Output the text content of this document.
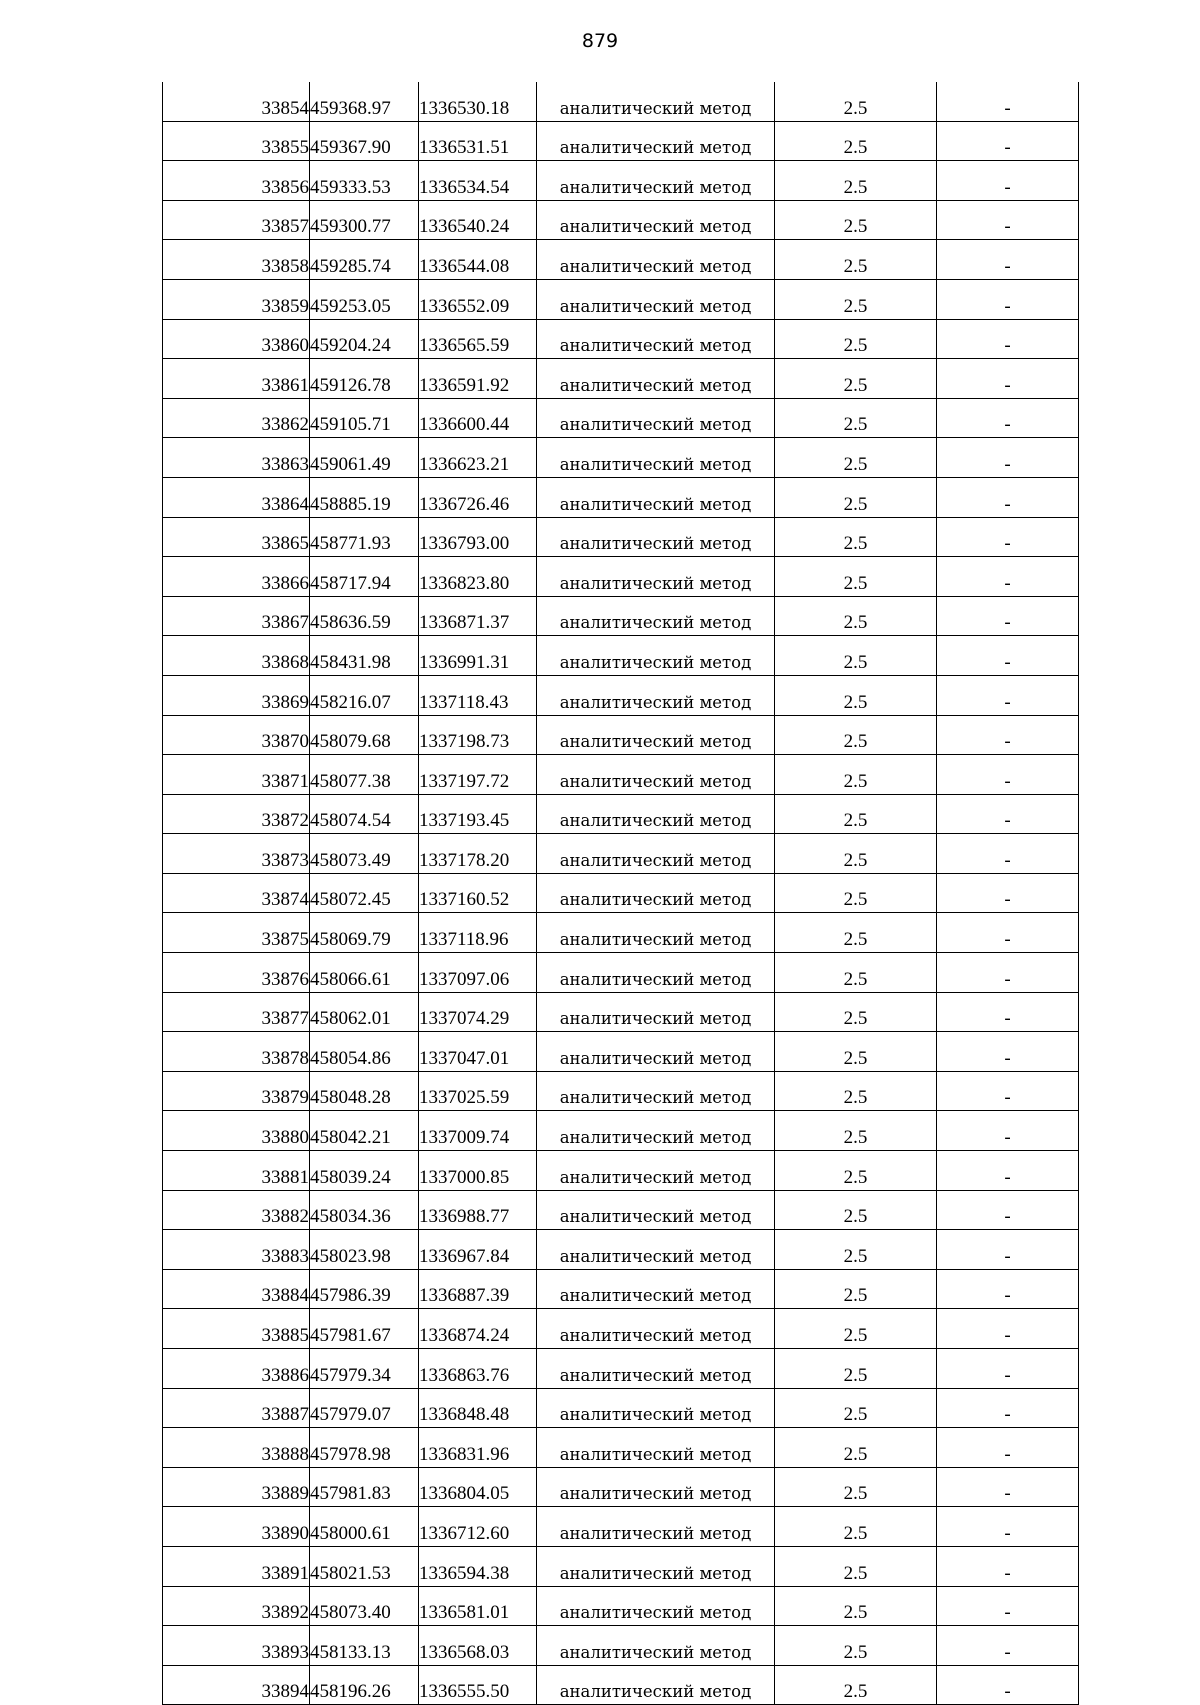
879
33854	459368.97	1336530.18	аналитический метод	2.5	-
33855	459367.90	1336531.51	аналитический метод	2.5	-
33856	459333.53	1336534.54	аналитический метод	2.5	-
33857	459300.77	1336540.24	аналитический метод	2.5	-
33858	459285.74	1336544.08	аналитический метод	2.5	-
33859	459253.05	1336552.09	аналитический метод	2.5	-
33860	459204.24	1336565.59	аналитический метод	2.5	-
33861	459126.78	1336591.92	аналитический метод	2.5	-
33862	459105.71	1336600.44	аналитический метод	2.5	-
33863	459061.49	1336623.21	аналитический метод	2.5	-
33864	458885.19	1336726.46	аналитический метод	2.5	-
33865	458771.93	1336793.00	аналитический метод	2.5	-
33866	458717.94	1336823.80	аналитический метод	2.5	-
33867	458636.59	1336871.37	аналитический метод	2.5	-
33868	458431.98	1336991.31	аналитический метод	2.5	-
33869	458216.07	1337118.43	аналитический метод	2.5	-
33870	458079.68	1337198.73	аналитический метод	2.5	-
33871	458077.38	1337197.72	аналитический метод	2.5	-
33872	458074.54	1337193.45	аналитический метод	2.5	-
33873	458073.49	1337178.20	аналитический метод	2.5	-
33874	458072.45	1337160.52	аналитический метод	2.5	-
33875	458069.79	1337118.96	аналитический метод	2.5	-
33876	458066.61	1337097.06	аналитический метод	2.5	-
33877	458062.01	1337074.29	аналитический метод	2.5	-
33878	458054.86	1337047.01	аналитический метод	2.5	-
33879	458048.28	1337025.59	аналитический метод	2.5	-
33880	458042.21	1337009.74	аналитический метод	2.5	-
33881	458039.24	1337000.85	аналитический метод	2.5	-
33882	458034.36	1336988.77	аналитический метод	2.5	-
33883	458023.98	1336967.84	аналитический метод	2.5	-
33884	457986.39	1336887.39	аналитический метод	2.5	-
33885	457981.67	1336874.24	аналитический метод	2.5	-
33886	457979.34	1336863.76	аналитический метод	2.5	-
33887	457979.07	1336848.48	аналитический метод	2.5	-
33888	457978.98	1336831.96	аналитический метод	2.5	-
33889	457981.83	1336804.05	аналитический метод	2.5	-
33890	458000.61	1336712.60	аналитический метод	2.5	-
33891	458021.53	1336594.38	аналитический метод	2.5	-
33892	458073.40	1336581.01	аналитический метод	2.5	-
33893	458133.13	1336568.03	аналитический метод	2.5	-
33894	458196.26	1336555.50	аналитический метод	2.5	-
